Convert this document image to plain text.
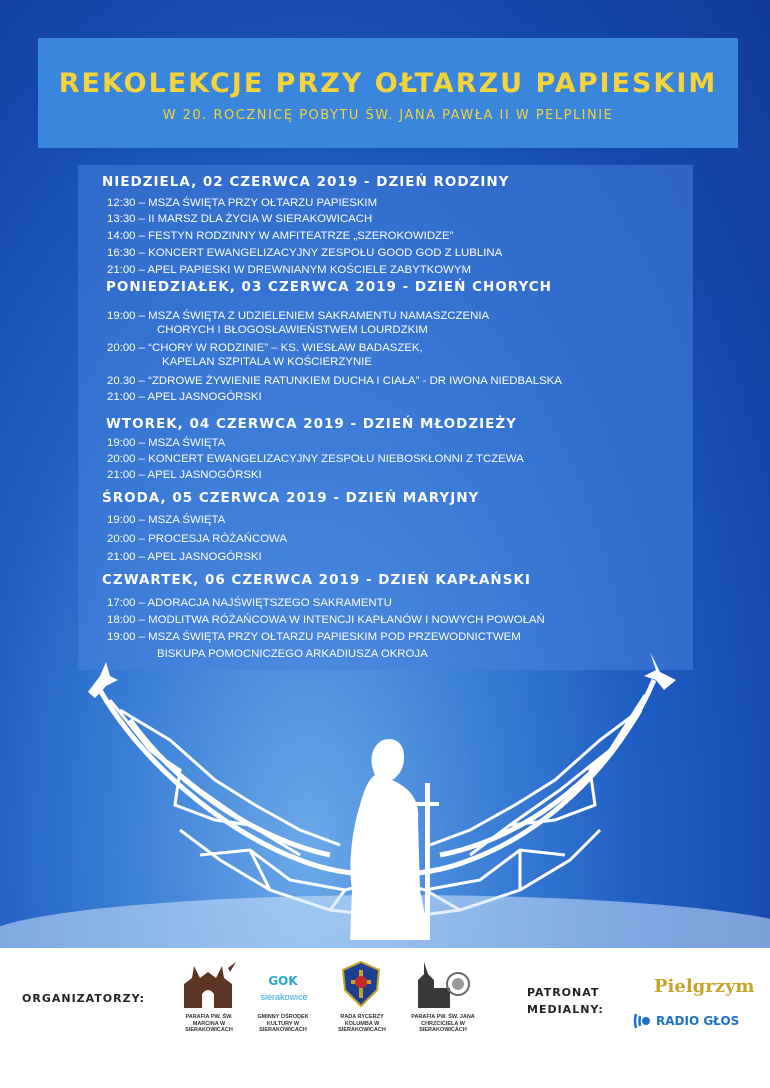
REKOLEKCJE PRZY OŁTARZU PAPIESKIM
W 20. ROCZNICĘ POBYTU ŚW. JANA PAWŁA II W PELPLINIE
NIEDZIELA, 02 CZERWCA 2019 - DZIEŃ RODZINY
12:30 – MSZA ŚWIĘTA PRZY OŁTARZU PAPIESKIM
13:30 – II MARSZ DLA ŻYCIA W SIERAKOWICACH
14:00 – FESTYN RODZINNY W AMFITEATRZE „SZEROKOWIDZE”
16:30 – KONCERT EWANGELIZACYJNY ZESPOŁU GOOD GOD Z LUBLINA
21:00 – APEL PAPIESKI W DREWNIANYM KOŚCIELE ZABYTKOWYM
PONIEDZIAŁEK, 03 CZERWCA 2019 - DZIEŃ CHORYCH
19:00 – MSZA ŚWIĘTA Z UDZIELENIEM SAKRAMENTU NAMASZCZENIA
CHORYCH I BŁOGOSŁAWIEŃSTWEM LOURDZKIM
20:00 – “CHORY W RODZINIE” – KS. WIESŁAW BADASZEK,
KAPELAN SZPITALA W KOŚCIERZYNIE
20.30 – “ZDROWE ŻYWIENIE RATUNKIEM DUCHA I CIAŁA” - DR IWONA NIEDBALSKA
21:00 – APEL JASNOGÓRSKI
WTOREK, 04 CZERWCA 2019 - DZIEŃ MŁODZIEŻY
19:00 – MSZA ŚWIĘTA
20:00 – KONCERT EWANGELIZACYJNY ZESPOŁU NIEBOSKŁONNI Z TCZEWA
21:00 – APEL JASNOGÓRSKI
ŚRODA, 05 CZERWCA 2019 - DZIEŃ MARYJNY
19:00 – MSZA ŚWIĘTA
20:00 – PROCESJA RÓŻAŃCOWA
21:00 – APEL JASNOGÓRSKI
CZWARTEK, 06 CZERWCA 2019 - DZIEŃ KAPŁAŃSKI
17:00 – ADORACJA NAJŚWIĘTSZEGO SAKRAMENTU
18:00 – MODLITWA RÓŻAŃCOWA W INTENCJI KAPŁANÓW I NOWYCH POWOŁAŃ
19:00 – MSZA ŚWIĘTA PRZY OŁTARZU PAPIESKIM POD PRZEWODNICTWEM
BISKUPA POMOCNICZEGO ARKADIUSZA OKROJA
ORGANIZATORZY:
PARAFIA PW. ŚW. MARCINA W SIERAKOWICACH
GOK
sierakowice
GMINNY OŚRODEK KULTURY W SIERAKOWICACH
RADA RYCERZY KOLUMBA W SIERAKOWICACH
PARAFIA PW. ŚW. JANA CHRZCICIELA W SIERAKOWICACH
PATRONAT
MEDIALNY:
Pielgrzym
RADIO GŁOS
